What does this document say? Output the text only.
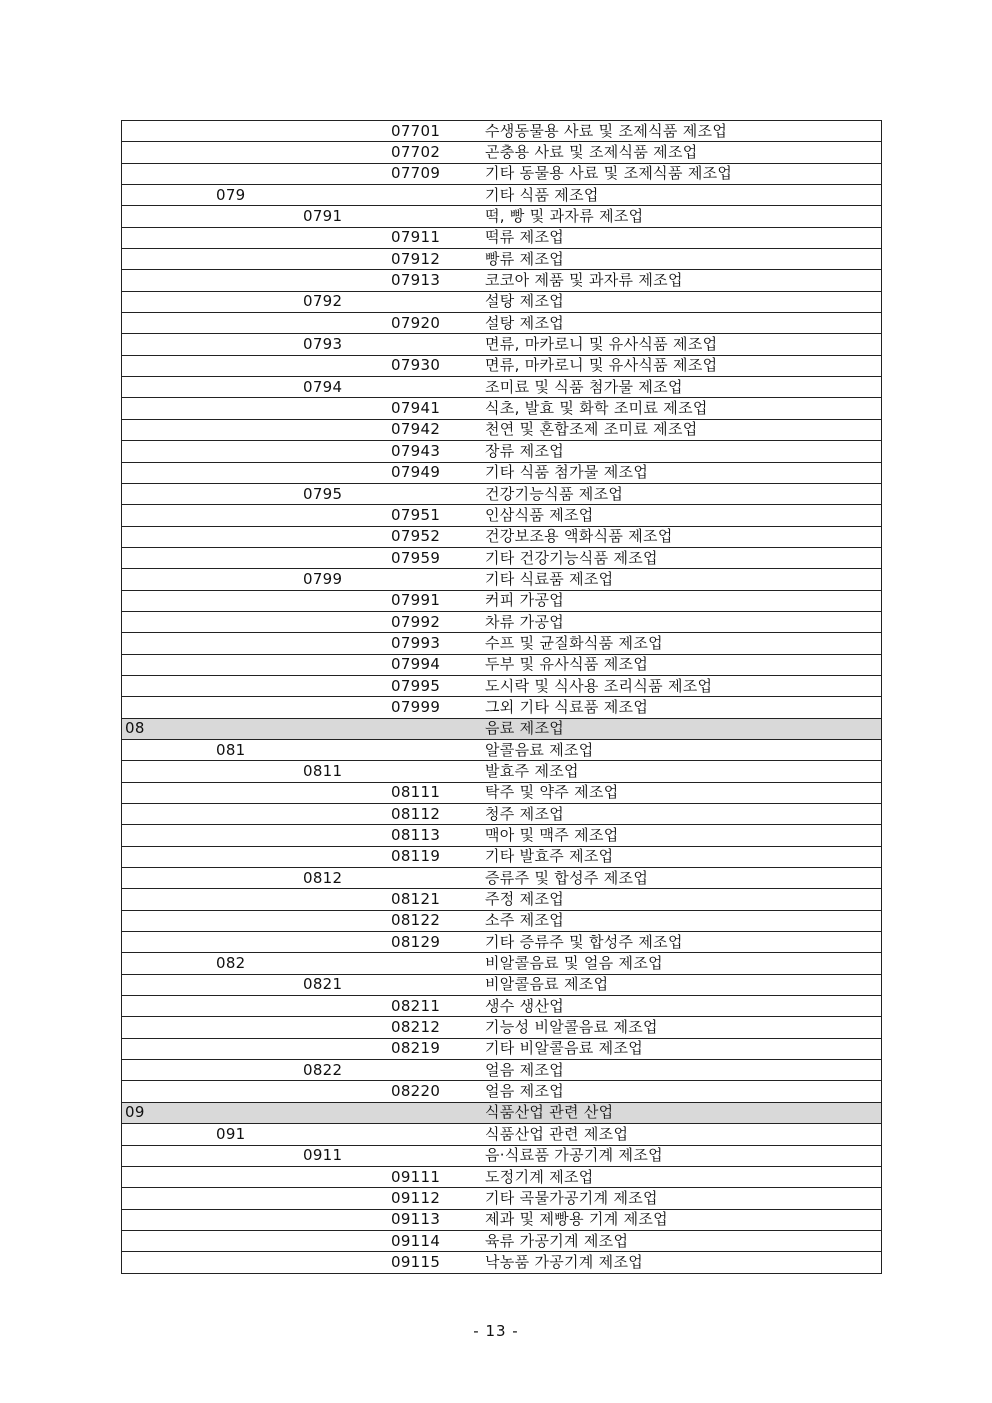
			07701	수생동물용 사료 및 조제식품 제조업
			07702	곤충용 사료 및 조제식품 제조업
			07709	기타 동물용 사료 및 조제식품 제조업
	079			기타 식품 제조업
		0791		떡, 빵 및 과자류 제조업
			07911	떡류 제조업
			07912	빵류 제조업
			07913	코코아 제품 및 과자류 제조업
		0792		설탕 제조업
			07920	설탕 제조업
		0793		면류, 마카로니 및 유사식품 제조업
			07930	면류, 마카로니 및 유사식품 제조업
		0794		조미료 및 식품 첨가물 제조업
			07941	식초, 발효 및 화학 조미료 제조업
			07942	천연 및 혼합조제 조미료 제조업
			07943	장류 제조업
			07949	기타 식품 첨가물 제조업
		0795		건강기능식품 제조업
			07951	인삼식품 제조업
			07952	건강보조용 액화식품 제조업
			07959	기타 건강기능식품 제조업
		0799		기타 식료품 제조업
			07991	커피 가공업
			07992	차류 가공업
			07993	수프 및 균질화식품 제조업
			07994	두부 및 유사식품 제조업
			07995	도시락 및 식사용 조리식품 제조업
			07999	그외 기타 식료품 제조업
08				음료 제조업
	081			알콜음료 제조업
		0811		발효주 제조업
			08111	탁주 및 약주 제조업
			08112	청주 제조업
			08113	맥아 및 맥주 제조업
			08119	기타 발효주 제조업
		0812		증류주 및 합성주 제조업
			08121	주정 제조업
			08122	소주 제조업
			08129	기타 증류주 및 합성주 제조업
	082			비알콜음료 및 얼음 제조업
		0821		비알콜음료 제조업
			08211	생수 생산업
			08212	기능성 비알콜음료 제조업
			08219	기타 비알콜음료 제조업
		0822		얼음 제조업
			08220	얼음 제조업
09				식품산업 관련 산업
	091			식품산업 관련 제조업
		0911		음·식료품 가공기계 제조업
			09111	도정기계 제조업
			09112	기타 곡물가공기계 제조업
			09113	제과 및 제빵용 기계 제조업
			09114	육류 가공기계 제조업
			09115	낙농품 가공기계 제조업
- 13 -
